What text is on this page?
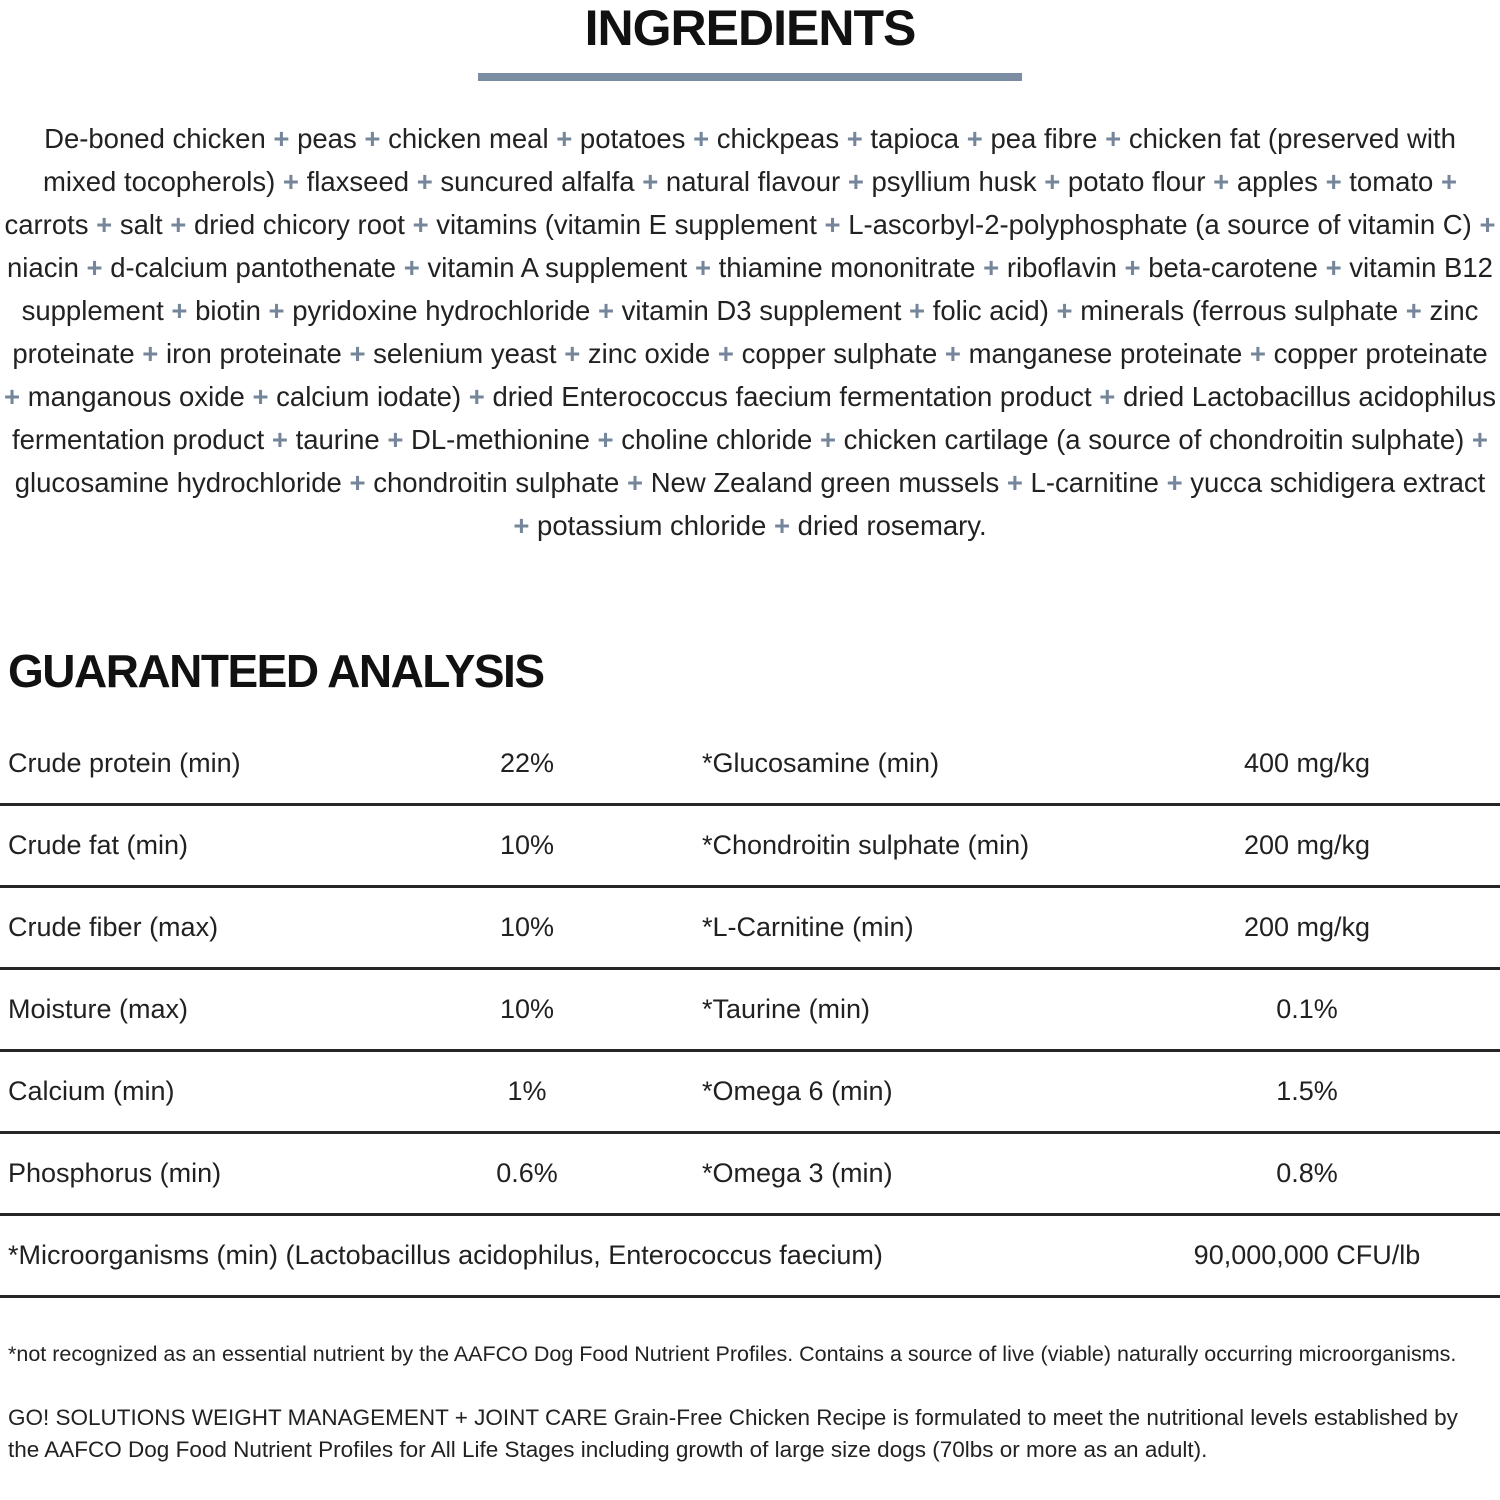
INGREDIENTS

De-boned chicken + peas + chicken meal + potatoes + chickpeas + tapioca + pea fibre + chicken fat (preserved with mixed tocopherols) + flaxseed + suncured alfalfa + natural flavour + psyllium husk + potato flour + apples + tomato + carrots + salt + dried chicory root + vitamins (vitamin E supplement + L-ascorbyl-2-polyphosphate (a source of vitamin C) + niacin + d-calcium pantothenate + vitamin A supplement + thiamine mononitrate + riboflavin + beta-carotene + vitamin B12 supplement + biotin + pyridoxine hydrochloride + vitamin D3 supplement + folic acid) + minerals (ferrous sulphate + zinc proteinate + iron proteinate + selenium yeast + zinc oxide + copper sulphate + manganese proteinate + copper proteinate + manganous oxide + calcium iodate) + dried Enterococcus faecium fermentation product + dried Lactobacillus acidophilus fermentation product + taurine + DL-methionine + choline chloride + chicken cartilage (a source of chondroitin sulphate) + glucosamine hydrochloride + chondroitin sulphate + New Zealand green mussels + L-carnitine + yucca schidigera extract + potassium chloride + dried rosemary.

GUARANTEED ANALYSIS
Crude protein (min)	22%	*Glucosamine (min)	400 mg/kg
Crude fat (min)	10%	*Chondroitin sulphate (min)	200 mg/kg
Crude fiber (max)	10%	*L-Carnitine (min)	200 mg/kg
Moisture (max)	10%	*Taurine (min)	0.1%
Calcium (min)	1%	*Omega 6 (min)	1.5%
Phosphorus (min)	0.6%	*Omega 3 (min)	0.8%
*Microorganisms (min) (Lactobacillus acidophilus, Enterococcus faecium)	90,000,000 CFU/lb

*not recognized as an essential nutrient by the AAFCO Dog Food Nutrient Profiles. Contains a source of live (viable) naturally occurring microorganisms.

GO! SOLUTIONS WEIGHT MANAGEMENT + JOINT CARE Grain-Free Chicken Recipe is formulated to meet the nutritional levels established by the AAFCO Dog Food Nutrient Profiles for All Life Stages including growth of large size dogs (70lbs or more as an adult).
